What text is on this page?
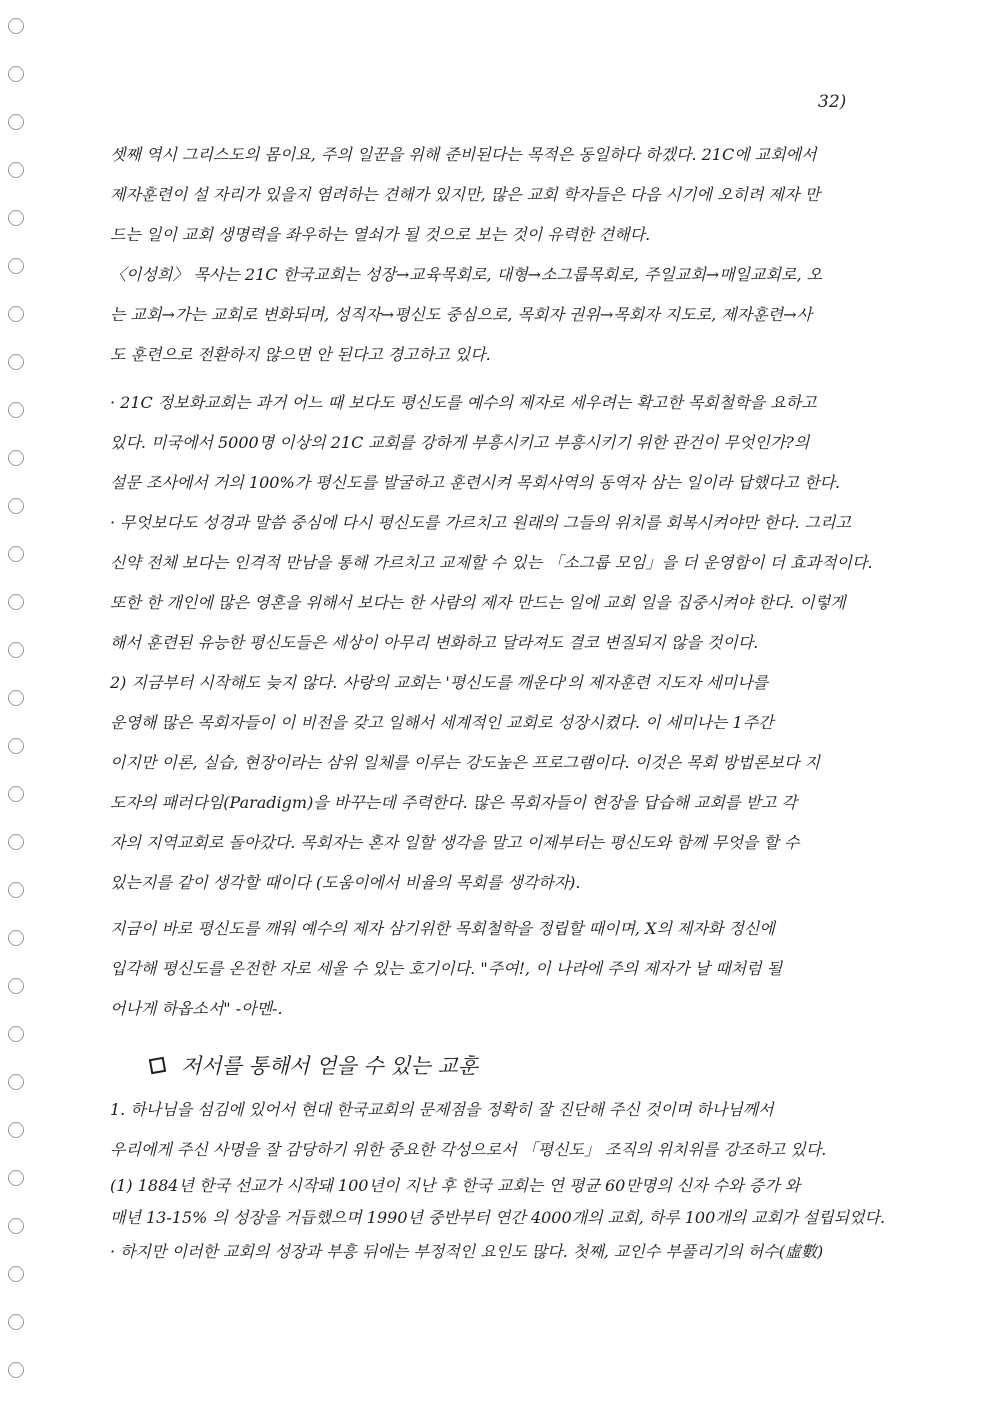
32)
셋째 역시 그리스도의 몸이요, 주의 일꾼을 위해 준비된다는 목적은 동일하다 하겠다. 21C에 교회에서
제자훈련이 설 자리가 있을지 염려하는 견해가 있지만, 많은 교회 학자들은 다음 시기에 오히려 제자 만
드는 일이 교회 생명력을 좌우하는 열쇠가 될 것으로 보는 것이 유력한 견해다.
〈이성희〉 목사는 21C 한국교회는 성장→교육목회로, 대형→소그룹목회로, 주일교회→매일교회로, 오
는 교회→가는 교회로 변화되며, 성직자→평신도 중심으로, 목회자 권위→목회자 지도로, 제자훈련→사
도 훈련으로 전환하지 않으면 안 된다고 경고하고 있다.
· 21C 정보화교회는 과거 어느 때 보다도 평신도를 예수의 제자로 세우려는 확고한 목회철학을 요하고
있다. 미국에서 5000명 이상의 21C 교회를 강하게 부흥시키고 부흥시키기 위한 관건이 무엇인가?의
설문 조사에서 거의 100%가 평신도를 발굴하고 훈련시켜 목회사역의 동역자 삼는 일이라 답했다고 한다.
· 무엇보다도 성경과 말씀 중심에 다시 평신도를 가르치고 원래의 그들의 위치를 회복시켜야만 한다. 그리고
신약 전체 보다는 인격적 만남을 통해 가르치고 교제할 수 있는 「소그룹 모임」을 더 운영함이 더 효과적이다.
또한 한 개인에 많은 영혼을 위해서 보다는 한 사람의 제자 만드는 일에 교회 일을 집중시켜야 한다. 이렇게
해서 훈련된 유능한 평신도들은 세상이 아무리 변화하고 달라져도 결코 변질되지 않을 것이다.
2) 지금부터 시작해도 늦지 않다. 사랑의 교회는 '평신도를 깨운다'의 제자훈련 지도자 세미나를
운영해 많은 목회자들이 이 비전을 갖고 일해서 세계적인 교회로 성장시켰다. 이 세미나는 1주간
이지만 이론, 실습, 현장이라는 삼위 일체를 이루는 강도높은 프로그램이다. 이것은 목회 방법론보다 지
도자의 패러다임(Paradigm)을 바꾸는데 주력한다. 많은 목회자들이 현장을 답습해 교회를 받고 각
자의 지역교회로 돌아갔다. 목회자는 혼자 일할 생각을 말고 이제부터는 평신도와 함께 무엇을 할 수
있는지를 같이 생각할 때이다 (도움이에서 비율의 목회를 생각하자).
지금이 바로 평신도를 깨워 예수의 제자 삼기위한 목회철학을 정립할 때이며, X의 제자화 정신에
입각해 평신도를 온전한 자로 세울 수 있는 호기이다. "주여!, 이 나라에 주의 제자가 날 때처럼 될
어나게 하옵소서" -아멘-.
저서를 통해서 얻을 수 있는 교훈
1. 하나님을 섬김에 있어서 현대 한국교회의 문제점을 정확히 잘 진단해 주신 것이며 하나님께서
우리에게 주신 사명을 잘 감당하기 위한 중요한 각성으로서 「평신도」 조직의 위치위를 강조하고 있다.
(1) 1884년 한국 선교가 시작돼 100년이 지난 후 한국 교회는 연 평균 60만명의 신자 수와 증가 와
매년 13-15% 의 성장을 거듭했으며 1990년 중반부터 연간 4000개의 교회, 하루 100개의 교회가 설립되었다.
· 하지만 이러한 교회의 성장과 부흥 뒤에는 부정적인 요인도 많다. 첫째, 교인수 부풀리기의 허수(虛數)
